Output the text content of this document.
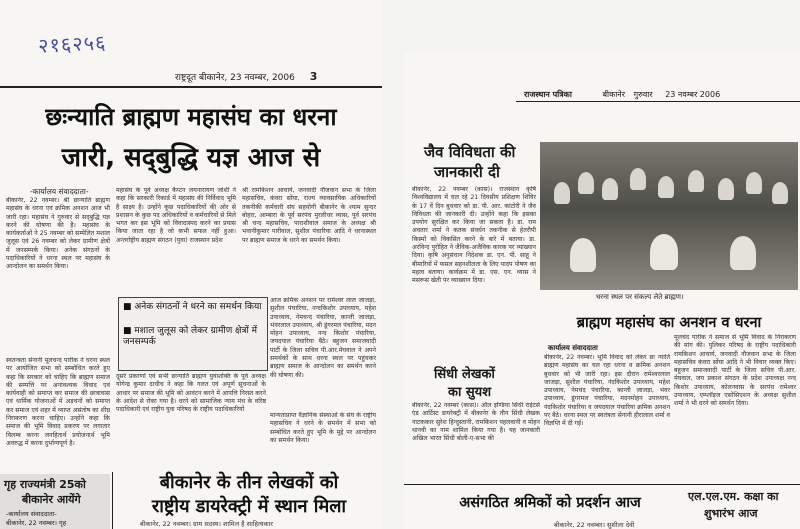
२१६२५६
राष्ट्रदूत बीकानेर, 23 नवम्बर, 2006 3
छःन्याति ब्राह्मण महासंघ का धरना
जारी, सद्‌बुद्धि यज्ञ आज से
-कार्यालय संवाददाता-
बीकानेर, 22 नवम्बर। श्री छःन्याति ब्राह्मण महासंघ के धरना एवं क्रमिक अनशन आज भी जारी रहा। महासंघ ने गुरुवार से सद्‌बुद्धि यज्ञ करने की घोषणा की है। महासंघ के कार्यकर्ताओं ने 25 नवम्बर को सम्मेलित मशाल जुलूस एवं 26 नवम्बर को लेकर ग्रामीण क्षेत्रों में जनसम्पर्क किया। अनेक संगठनों के पदाधिकारियों ने धरना स्थल पर महासंघ के आन्दोलन का समर्थन किया।
स्वतन्त्रता सेनानी मूलचन्द पारीक ने धरना स्थल पर आयोजित सभा को सम्बोधित करते हुए कहा कि सरकार को चाहिए कि ब्राह्मण समाज की सम्पत्ति पर अनावश्यक विवाद एवं कार्यवाही को समाप्त कर समाज की छात्रावास एवं धार्मिक योजनाओं में अड़चनों को समाप्त कर समाज एवं शहर में व्याप्त असंतोष का शीघ्र निराकरण करना चाहिए। उन्होंने कहा कि समाज की भूमि विवाद प्रकरण पर लगातार विलम्ब करना जनहितार्थ प्रयोजनार्थ भूमि अवरुद्ध में करना दुर्भाग्यपूर्ण है।
महासंघ के पूर्व अध्यक्ष कैप्टन जयनारायण जोशी ने कहा कि सरकारी रिकार्ड में महासंघ की निर्विवाद भूमि है साक्ष्य है। उन्होंने कुछ पदाधिकारियों की ओर से प्रशासन के कुछ पद अधिकारियों व कर्मचारियों से मिले भगत कर इस भूमि को विवादास्पद करने का प्रयास किया जाता रहा है जो कभी सफल नहीं हुआ। अन्तर्राष्ट्रीय ब्राह्मण संगठन (युवा) राजस्थान प्रदेश
श्री रामकिशन आचार्य, जनवादी नौजवान सभा के जिला महासचिव, कंवरा सोंघा, राज्य व्यावसायिक अधिकारियों तकनीकी कर्मचारी संघ सहयोगी बीकानेर के श्याम सुन्दर बोहरा, आम्बारा के पूर्व सरपंच मुरलीधर व्यास, पूर्व सरपंच श्री चन्द महासचिव, पाराशीवाल समाज के अध्यक्ष श्री भवानीकुमार पारीवाल, सुशील पंचारिया आदि ने धरनास्थल पर ब्राह्मण समाज के धरने का समर्थन किया।
■ अनेक संगठनों ने धरने का समर्थन किया
■ मशाल जुलूस को लेकर ग्रामीण क्षेत्रों में जनसम्पर्क
आज क्रमिक अनशन पर रामेश्वर लाल जाजड़ा, सुशील पंचारिया, नन्दकिशोर उपाध्याय, महेश उपाध्याय, नेमचन्द पंचारिया, कान्ती जाजड़ा, भंवरलाल उपाध्याय, श्री डूंगरमल पंचारिया, मदन मोहन उपाध्याय, नन्द किशोर पंचारिया, जयदयाल पंचारिया बैठे। बहुजन समाजवादी पार्टी के जिला सचिव पी.आर.मेघवाल ने अपने समर्थकों के साथ धरना स्थल पर पहुंचकर ब्राह्मण समाज के आन्दोलन का समर्थन करने की घोषणा की।
दूसरे प्रकरणों एवं सभी छःन्याति ब्राह्मण युवाशक्ति के पूर्व अध्यक्ष योगेन्द्र कुमार दाधीच ने कहा कि गलत एवं अपूर्ण सूचनाओं के आधार पर समाज की भूमि को आवंटन करने में आपत्ति निरस्त करने के आदेश से रोका गया है। धरने को सामाजिक न्याय मंच के वरिष्ठ पदाधिकारी एवं राष्ट्रीय युवा परिषद के राष्ट्रीय पदाधिकारियों
मान्यताप्राप्त वैज्ञानिक संस्थाओं के संघ के राष्ट्रीय महासचिव ने धरने के समर्थन में सभा को सम्बोधित करते हुए भूमि के मुद्दे पर आन्दोलन का समर्थन किया।
गृह राज्यमंत्री 25को
बीकानेर आयेंगे
-कार्यालय संवाददाता-
बीकानेर, 22 नवम्बर। गृह
बीकानेर के तीन लेखकों को
राष्ट्रीय डायरेक्ट्री में स्थान मिला
बीकानेर, 22 नवम्बर। ग्राम सदस्य। शामिल है साहित्यकार
राजस्थान पत्रिका	बीकानेर गुरुवार 23 नवम्बर 2006
जैव विविधता की
जानकारी दी
बीकानेर, 22 नवम्बर (कास)। राजस्थान कृषि विश्वविद्यालय में चल रहे 21 दिवसीय प्रशिक्षण शिविर के 17 वें दिन बुधवार को डा. पी. आर. कांटोरी ने जैव विविधता की जानकारी दी। उन्होंने कहा कि इसका उपयोग सुरक्षित कर किया जा सकता है। डा. राम अवतार शर्मा ने कतक संवर्धन तकनीक से हेतरौपी किस्मों को विकसित करने के बारे में बताया। डा. अरविन्द पुरोहित ने जैविक-अजैविक कारक पर व्याख्यान दिया। कृषि अनुसंधान निदेशक डा. एन. पी. साहू ने बीमारियों में फसल सहनशीलता के लिए पादप पोषण का महत्व बताया। कार्यक्रम में डा. एस. एन. व्यास ने मसरूस खेती पर व्याख्यान दिया।
धरना स्थल पर संकल्प लेते ब्राह्मण।
ब्राह्मण महासंघ का अनशन व धरना
कार्यालय संवाददाता
बीकानेर, 22 नवम्बर। भूमि विवाद को लेकर छः न्याति ब्राह्मण महासंघ का चल रहा धरना व क्रमिक अनशन बुधवार को भी जारी रहा। इस दौरान रामेश्वरलाल जाजड़ा, सुशील पंचारिया, नंदकिशोर उपाध्याय, महेश उपाध्याय, नेमचंद पंचारिया, कान्ती जाजड़ा, भंवर उपाध्याय, डूंगरमल पंचारिया, मदनमोहन उपाध्याय, नंदकिशोर पंचारिया व जयदयाल पंचारिया क्रमिक अनशन पर बैठे। धरना स्थल पर स्वतंत्रता सेनानी हीरालाल शर्मा व विज्ञप्ति में दी गई।
मूलचंद पारीक ने समाज से भूमि विवाद के निराकरण की मांग की। पुलिकर परिषद के राष्ट्रीय पदाधिकारी रामकिशन आचार्य, जनवादी नौजवान सभा के जिला महासचिव कंवरा सोंघा आदि ने भी विचार व्यक्त किए। बहुजन समाजवादी पार्टी के जिला सचिव पी.आर. मेघवाल, जय प्रकाश संगठन के प्रदेश उपाध्यक्ष नन्द किशोर उपाध्याय, कोलनवास के सरपंच रामेश्वर उपाध्याय, एम्प्लॉइज एसोसिएशन के अध्यक्ष सुशील शर्मा ने भी धरने को समर्थन दिया।
सिंधी लेखकों
का सुयश
बीकानेर, 22 नवम्बर (कास)। ऑल इण्डिया सिंधी राईटर्स एंड आर्टिस्ट डायरेक्ट्री में बीकानेर के तीन सिंधी लेखक नाटककार सुरेश हिन्दुस्तानी, रामकिशन पहलवानी व मोहन थानवी का नाम शामिल किया गया है। यह जानकारी अखिल भारत सिंधी बोली-ए-सभा की
असंगठित श्रमिकों को प्रदर्शन आज
बीकानेर, 22 नवम्बर। सुशीला देवी
एल.एल.एम. कक्षा का
शुभारंभ आज
